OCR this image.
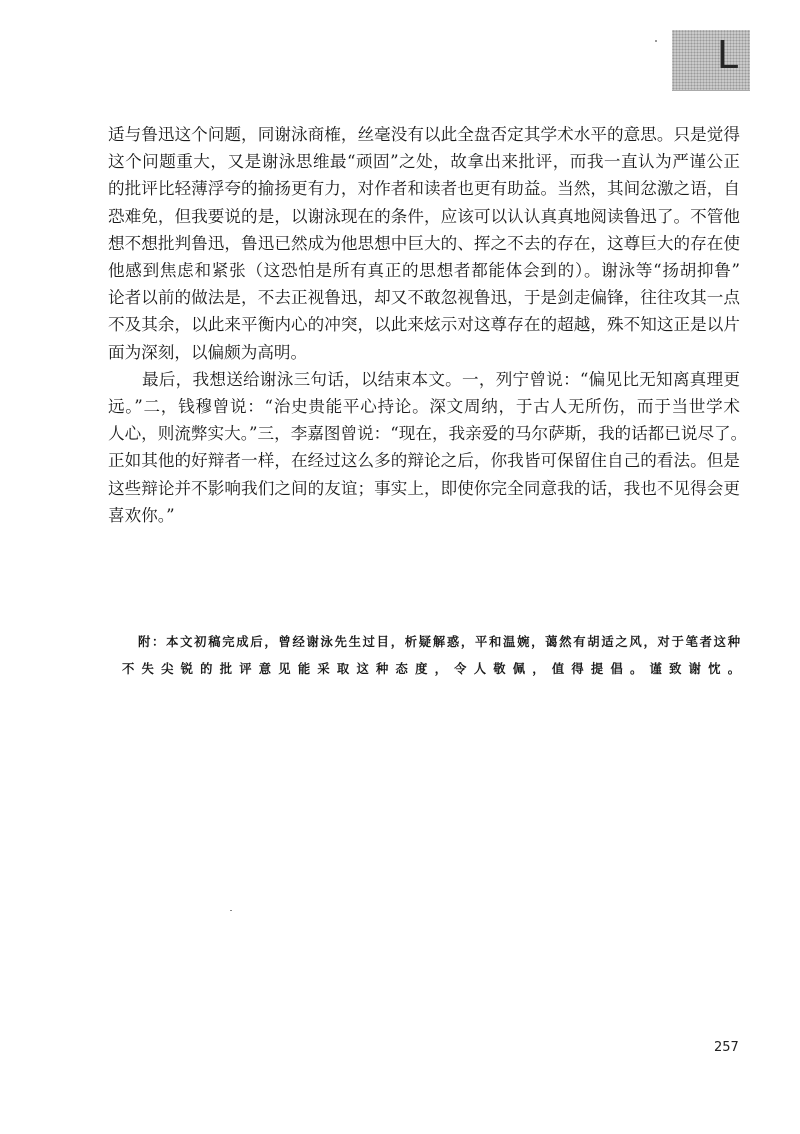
L
适与鲁迅这个问题，同谢泳商榷，丝毫没有以此全盘否定其学术水平的意思。只是觉得
这个问题重大，又是谢泳思维最“顽固”之处，故拿出来批评，而我一直认为严谨公正
的批评比轻薄浮夸的揄扬更有力，对作者和读者也更有助益。当然，其间忿激之语，自
恐难免，但我要说的是，以谢泳现在的条件，应该可以认认真真地阅读鲁迅了。不管他
想不想批判鲁迅，鲁迅已然成为他思想中巨大的、挥之不去的存在，这尊巨大的存在使
他感到焦虑和紧张（这恐怕是所有真正的思想者都能体会到的）。谢泳等“扬胡抑鲁”
论者以前的做法是，不去正视鲁迅，却又不敢忽视鲁迅，于是剑走偏锋，往往攻其一点
不及其余，以此来平衡内心的冲突，以此来炫示对这尊存在的超越，殊不知这正是以片
面为深刻，以偏颇为高明。
最后，我想送给谢泳三句话，以结束本文。一，列宁曾说：“偏见比无知离真理更
远。”二，钱穆曾说：“治史贵能平心持论。深文周纳，于古人无所伤，而于当世学术
人心，则流弊实大。”三，李嘉图曾说：“现在，我亲爱的马尔萨斯，我的话都已说尽了。
正如其他的好辩者一样，在经过这么多的辩论之后，你我皆可保留住自己的看法。但是
这些辩论并不影响我们之间的友谊；事实上，即使你完全同意我的话，我也不见得会更
喜欢你。”
附：本文初稿完成后，曾经谢泳先生过目，析疑解惑，平和温婉，蔼然有胡适之风，对于笔者这种
不失尖锐的批评意见能采取这种态度，令人敬佩，值得提倡。谨致谢忱。
257
